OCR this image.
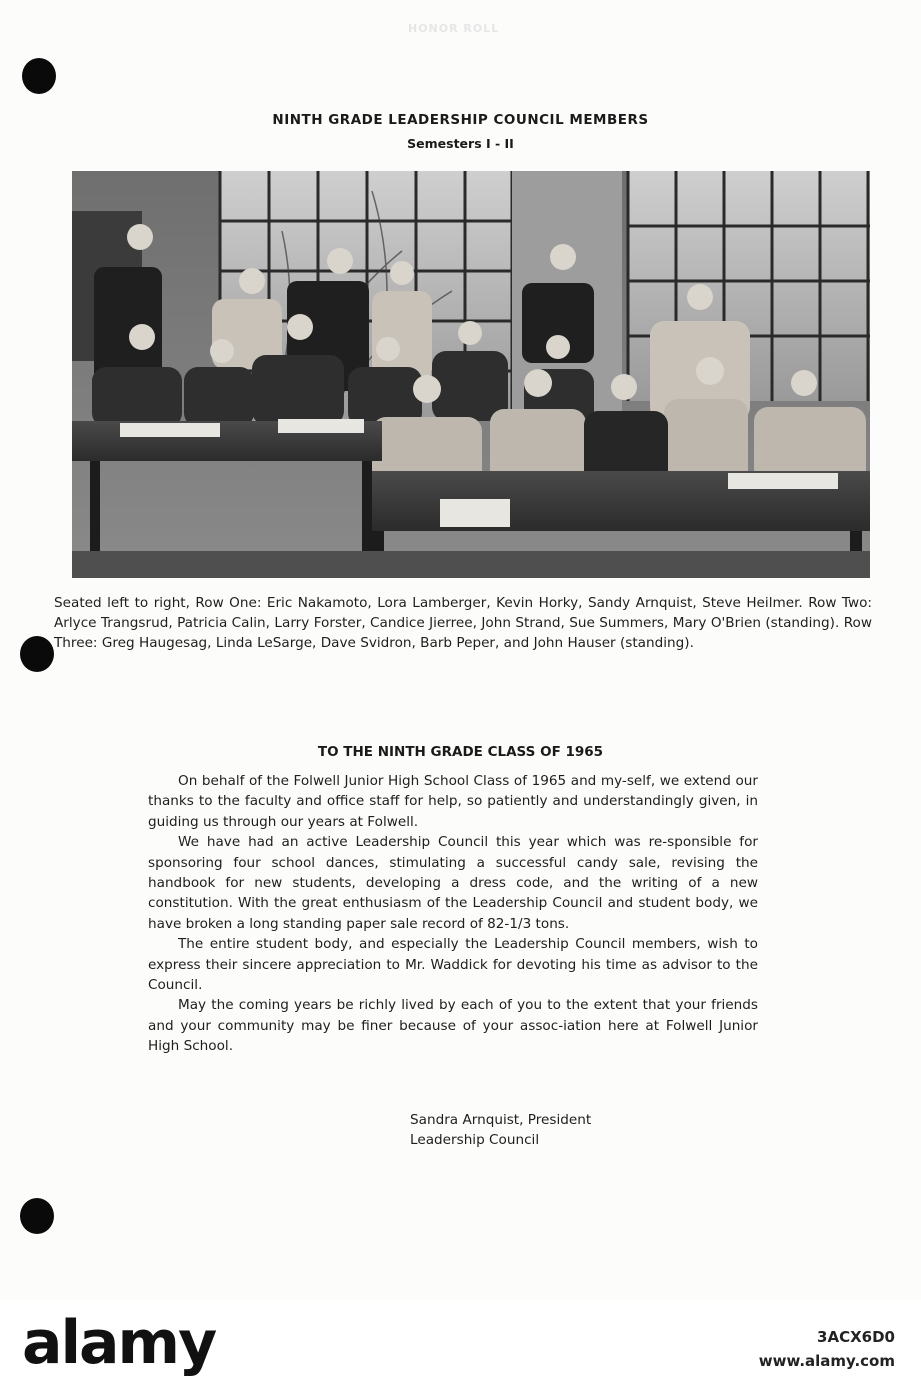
HONOR ROLL
NINTH GRADE LEADERSHIP COUNCIL MEMBERS
Semesters I - II
Seated left to right, Row One: Eric Nakamoto, Lora Lamberger, Kevin Horky, Sandy Arnquist, Steve Heilmer. Row Two: Arlyce Trangsrud, Patricia Calin, Larry Forster, Candice Jierree, John Strand, Sue Summers, Mary O'Brien (standing). Row Three: Greg Haugesag, Linda LeSarge, Dave Svidron, Barb Peper, and John Hauser (standing).
TO THE NINTH GRADE CLASS OF 1965

On behalf of the Folwell Junior High School Class of 1965 and my-self, we extend our thanks to the faculty and office staff for help, so patiently and understandingly given, in guiding us through our years at Folwell.

We have had an active Leadership Council this year which was re-sponsible for sponsoring four school dances, stimulating a successful candy sale, revising the handbook for new students, developing a dress code, and the writing of a new constitution. With the great enthusiasm of the Leadership Council and student body, we have broken a long standing paper sale record of 82-1/3 tons.

The entire student body, and especially the Leadership Council members, wish to express their sincere appreciation to Mr. Waddick for devoting his time as advisor to the Council.

May the coming years be richly lived by each of you to the extent that your friends and your community may be finer because of your assoc-iation here at Folwell Junior High School.

Sandra Arnquist, President
Leadership Council
alamy	3ACX6D0
www.alamy.com
